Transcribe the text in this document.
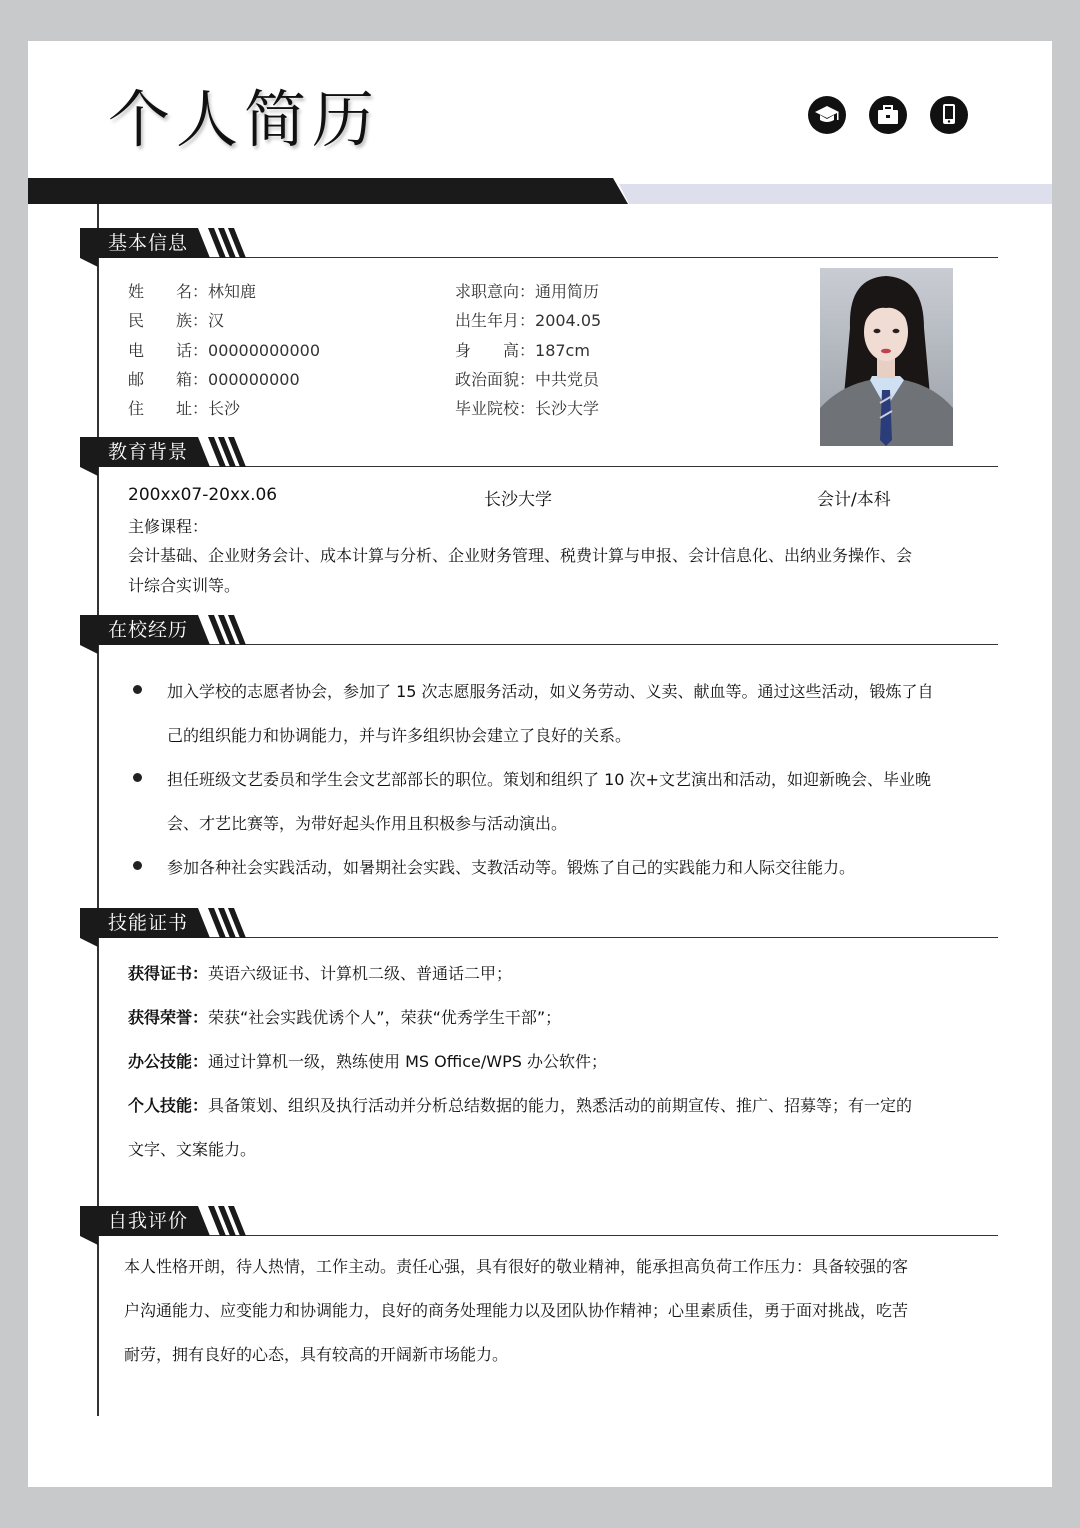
个人简历
基本信息
姓　　名：林知鹿
民　　族：汉
电　　话：00000000000
邮　　箱：000000000
住　　址：长沙
求职意向：通用简历
出生年月：2004.05
身　　高：187cm
政治面貌：中共党员
毕业院校：长沙大学
教育背景
200xx07-20xx.06	长沙大学	会计/本科
主修课程：
会计基础、企业财务会计、成本计算与分析、企业财务管理、税费计算与申报、会计信息化、出纳业务操作、会
计综合实训等。
在校经历
加入学校的志愿者协会，参加了 15 次志愿服务活动，如义务劳动、义卖、献血等。通过这些活动，锻炼了自
己的组织能力和协调能力，并与许多组织协会建立了良好的关系。
担任班级文艺委员和学生会文艺部部长的职位。策划和组织了 10 次+文艺演出和活动，如迎新晚会、毕业晚
会、才艺比赛等，为带好起头作用且积极参与活动演出。
参加各种社会实践活动，如暑期社会实践、支教活动等。锻炼了自己的实践能力和人际交往能力。
技能证书
获得证书：英语六级证书、计算机二级、普通话二甲；
获得荣誉：荣获“社会实践优诱个人”，荣获“优秀学生干部”；
办公技能：通过计算机一级，熟练使用 MS Office/WPS 办公软件；
个人技能：具备策划、组织及执行活动并分析总结数据的能力，熟悉活动的前期宣传、推广、招募等；有一定的
文字、文案能力。
自我评价
本人性格开朗，待人热情，工作主动。责任心强，具有很好的敬业精神，能承担高负荷工作压力：具备较强的客
户沟通能力、应变能力和协调能力，良好的商务处理能力以及团队协作精神；心里素质佳，勇于面对挑战，吃苦
耐劳，拥有良好的心态，具有较高的开阔新市场能力。
